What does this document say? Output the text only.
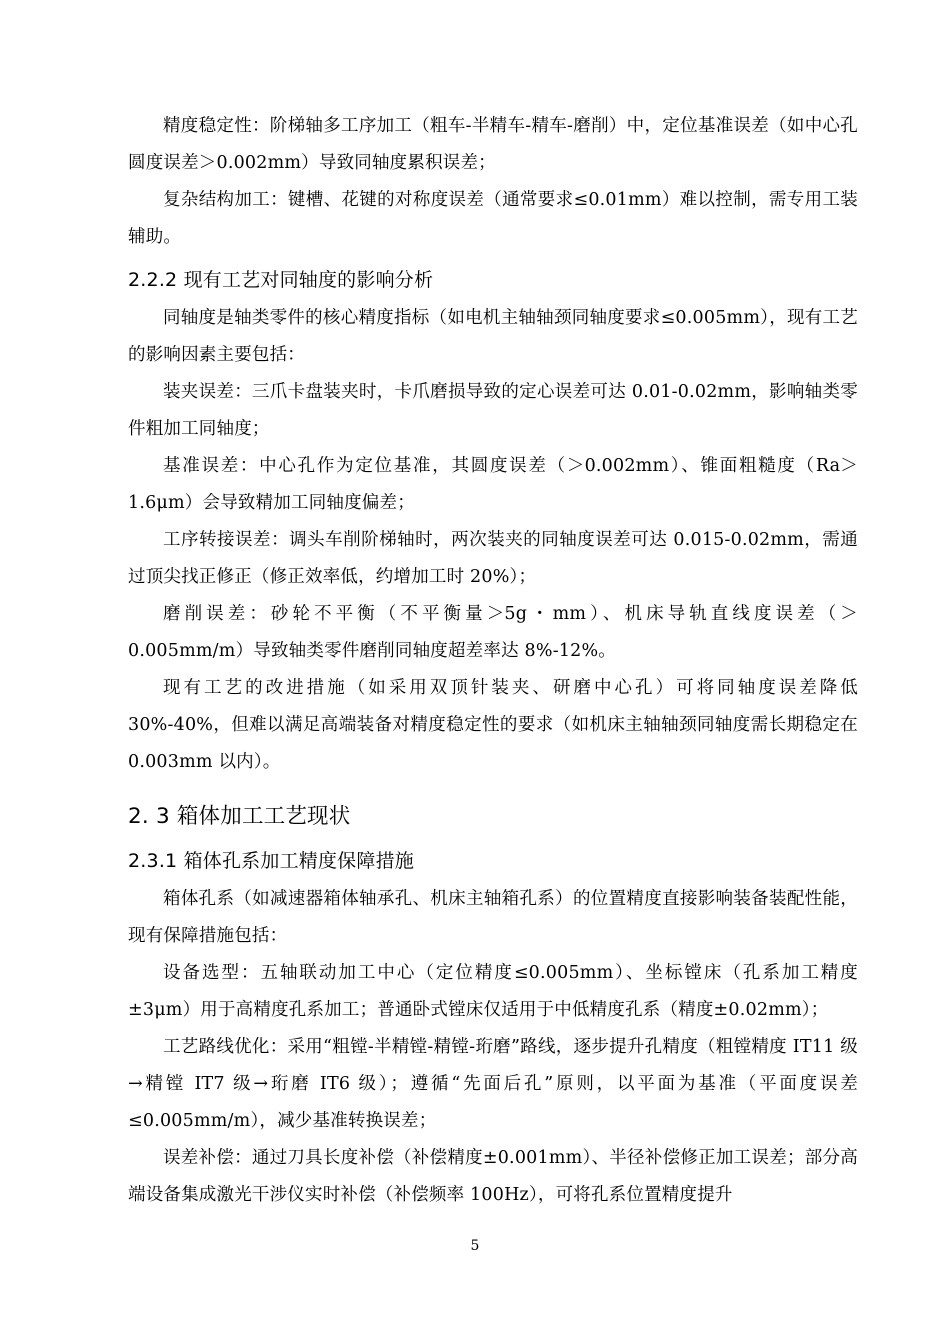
精度稳定性：阶梯轴多工序加工（粗车-半精车-精车-磨削）中，定位基准误差（如中心孔圆度误差＞0.002mm）导致同轴度累积误差；

复杂结构加工：键槽、花键的对称度误差（通常要求≤0.01mm）难以控制，需专用工装辅助。

2.2.2 现有工艺对同轴度的影响分析

同轴度是轴类零件的核心精度指标（如电机主轴轴颈同轴度要求≤0.005mm），现有工艺的影响因素主要包括：

装夹误差：三爪卡盘装夹时，卡爪磨损导致的定心误差可达 0.01-0.02mm，影响轴类零件粗加工同轴度；

基准误差：中心孔作为定位基准，其圆度误差（＞0.002mm）、锥面粗糙度（Ra＞1.6μm）会导致精加工同轴度偏差；

工序转接误差：调头车削阶梯轴时，两次装夹的同轴度误差可达 0.015-0.02mm，需通过顶尖找正修正（修正效率低，约增加工时 20%）；

磨削误差：砂轮不平衡（不平衡量＞5g・mm）、机床导轨直线度误差（＞0.005mm/m）导致轴类零件磨削同轴度超差率达 8%-12%。

现有工艺的改进措施（如采用双顶针装夹、研磨中心孔）可将同轴度误差降低 30%-40%，但难以满足高端装备对精度稳定性的要求（如机床主轴轴颈同轴度需长期稳定在 0.003mm 以内）。

2. 3 箱体加工工艺现状
2.3.1 箱体孔系加工精度保障措施

箱体孔系（如减速器箱体轴承孔、机床主轴箱孔系）的位置精度直接影响装备装配性能，现有保障措施包括：

设备选型：五轴联动加工中心（定位精度≤0.005mm）、坐标镗床（孔系加工精度±3μm）用于高精度孔系加工；普通卧式镗床仅适用于中低精度孔系（精度±0.02mm）；

工艺路线优化：采用“粗镗-半精镗-精镗-珩磨”路线，逐步提升孔精度（粗镗精度 IT11 级→精镗 IT7 级→珩磨 IT6 级）；遵循“先面后孔”原则，以平面为基准（平面度误差≤0.005mm/m），减少基准转换误差；

误差补偿：通过刀具长度补偿（补偿精度±0.001mm）、半径补偿修正加工误差；部分高端设备集成激光干涉仪实时补偿（补偿频率 100Hz），可将孔系位置精度提升

5
